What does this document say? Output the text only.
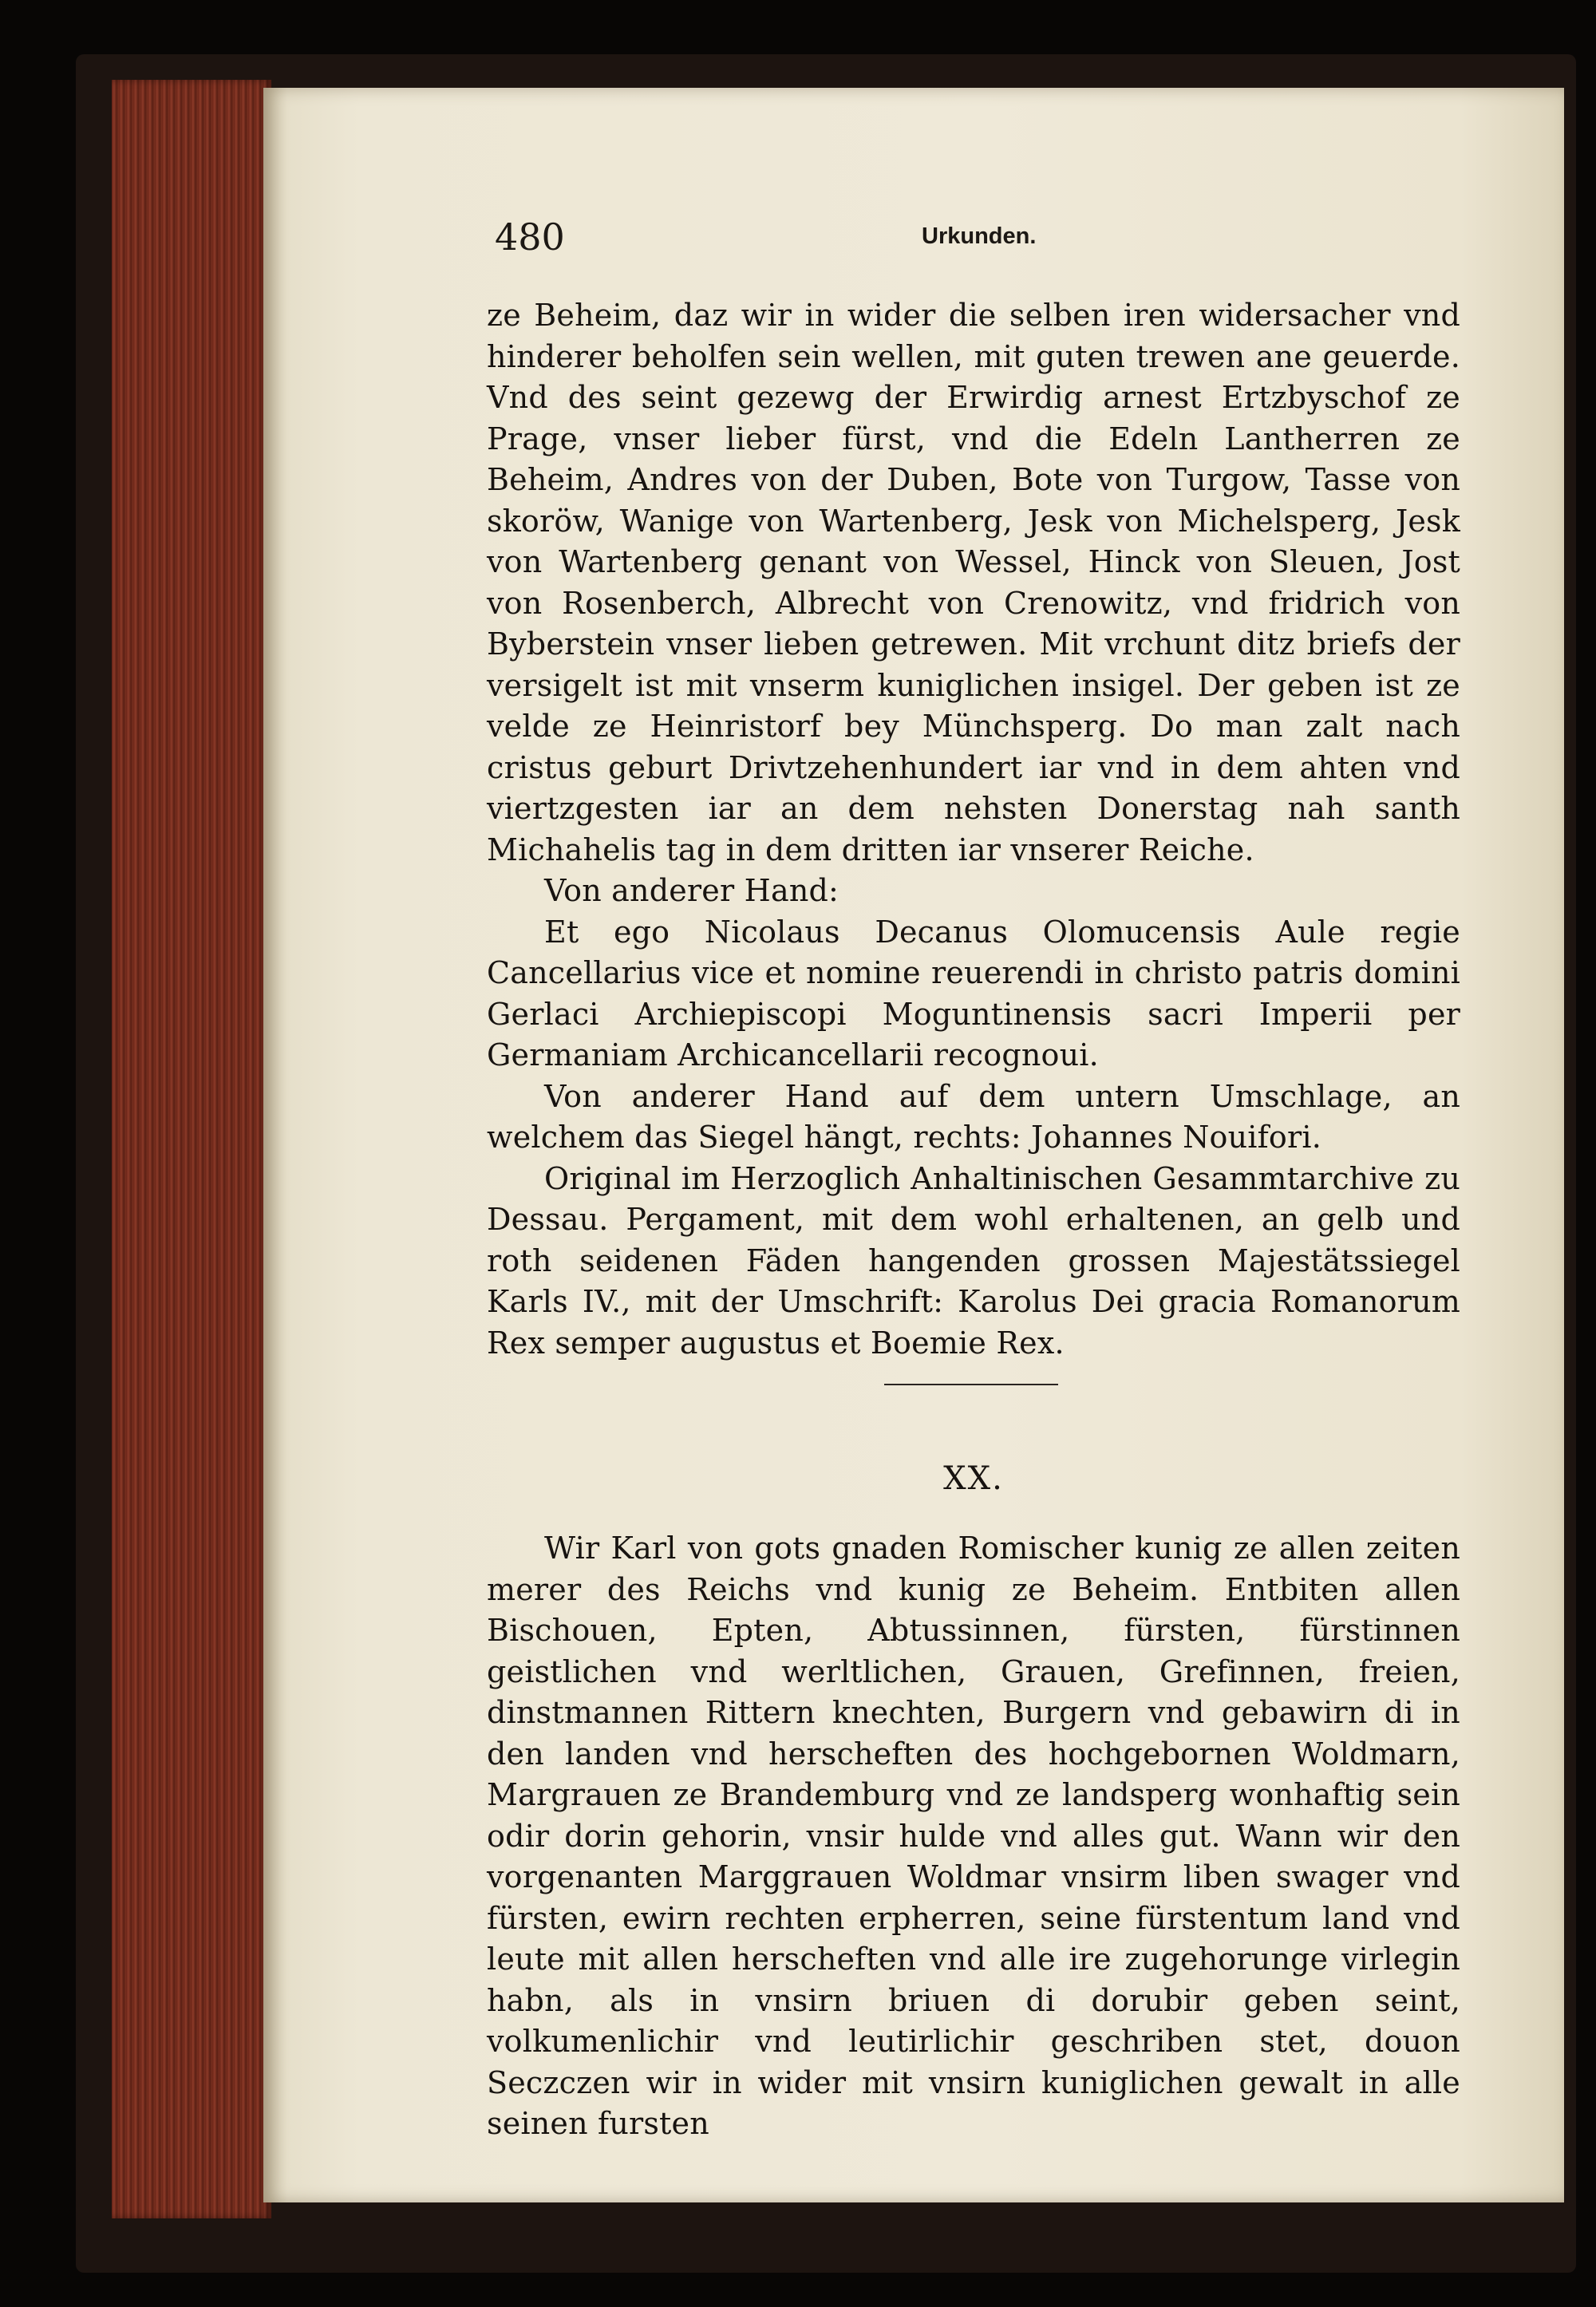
480	Urkunden.

ze Beheim, daz wir in wider die selben iren widersacher vnd hinderer beholfen sein wellen, mit guten trewen ane geuerde. Vnd des seint gezewg der Erwirdig arnest Ertzbyschof ze Prage, vnser lieber fürst, vnd die Edeln Lantherren ze Beheim, Andres von der Duben, Bote von Turgow, Tasse von skoröw, Wanige von Wartenberg, Jesk von Michelsperg, Jesk von Wartenberg genant von Wessel, Hinck von Sleuen, Jost von Rosenberch, Albrecht von Crenowitz, vnd fridrich von Byberstein vnser lieben getrewen. Mit vrchunt ditz briefs der versigelt ist mit vnserm kuniglichen insigel. Der geben ist ze velde ze Heinristorf bey Münchsperg. Do man zalt nach cristus geburt Drivtzehenhundert iar vnd in dem ahten vnd viertzgesten iar an dem nehsten Donerstag nah santh Michahelis tag in dem dritten iar vnserer Reiche.

Von anderer Hand:

Et ego Nicolaus Decanus Olomucensis Aule regie Cancellarius vice et nomine reuerendi in christo patris domini Gerlaci Archiepiscopi Moguntinensis sacri Imperii per Germaniam Archicancellarii recognoui.

Von anderer Hand auf dem untern Umschlage, an welchem das Siegel hängt, rechts: Johannes Nouifori.

Original im Herzoglich Anhaltinischen Gesammtarchive zu Dessau. Pergament, mit dem wohl erhaltenen, an gelb und roth seidenen Fäden hangenden grossen Majestätssiegel Karls IV., mit der Umschrift: Karolus Dei gracia Romanorum Rex semper augustus et Boemie Rex.

XX.

Wir Karl von gots gnaden Romischer kunig ze allen zeiten merer des Reichs vnd kunig ze Beheim. Entbiten allen Bischouen, Epten, Abtussinnen, fürsten, fürstinnen geistlichen vnd werltlichen, Grauen, Grefinnen, freien, dinstmannen Rittern knechten, Burgern vnd gebawirn di in den landen vnd herscheften des hochgebornen Woldmarn, Margrauen ze Brandemburg vnd ze landsperg wonhaftig sein odir dorin gehorin, vnsir hulde vnd alles gut. Wann wir den vorgenanten Marggrauen Woldmar vnsirm liben swager vnd fürsten, ewirn rechten erpherren, seine fürstentum land vnd leute mit allen herscheften vnd alle ire zugehorunge virlegin habn, als in vnsirn briuen di dorubir geben seint, volkumenlichir vnd leutirlichir geschriben stet, douon Seczczen wir in wider mit vnsirn kuniglichen gewalt in alle seinen fursten
